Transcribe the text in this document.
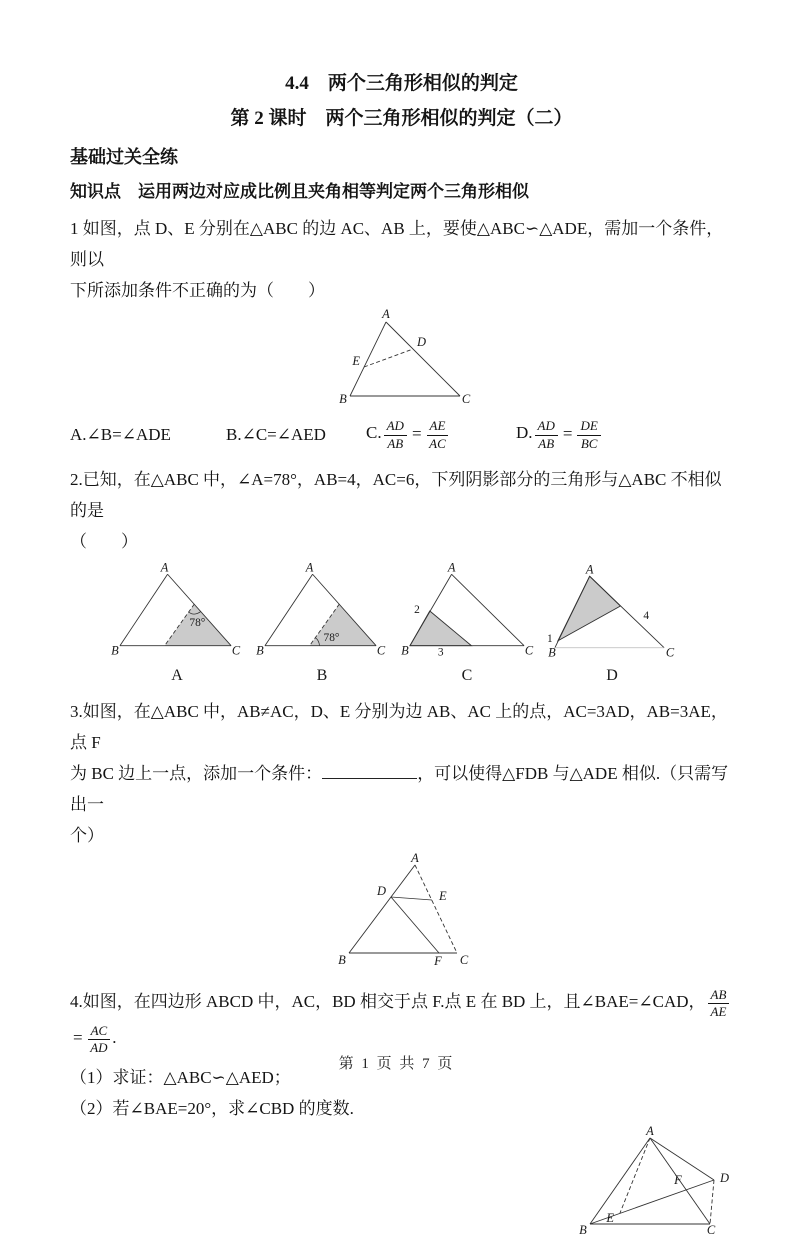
4.4　两个三角形相似的判定
第 2 课时　两个三角形相似的判定（二）
基础过关全练
知识点　运用两边对应成比例且夹角相等判定两个三角形相似
1 如图，点 D、E 分别在△ABC 的边 AC、AB 上，要使△ABC∽△ADE，需加一个条件，则以
下所添加条件不正确的为（　　）
A
B	C
D
E
A.∠B=∠ADE	B.∠C=∠AED	C. $\frac{AD}{AB} = \frac{AE}{AC}$	D. $\frac{AD}{AB} = \frac{DE}{BC}$
2.已知，在△ABC 中，∠A=78°，AB=4，AC=6，下列阴影部分的三角形与△ABC 不相似的是
（　　）
A
B	C
78°
A
A
B	C
78°
B
A
B	C
2
3
C
A
B	C
1
4
D
3.如图，在△ABC 中，AB≠AC，D、E 分别为边 AB、AC 上的点，AC=3AD，AB=3AE，点 F
为 BC 边上一点，添加一个条件：	，可以使得△FDB 与△ADE 相似.（只需写出一
个）
A
B	C
D	E
F
4.如图，在四边形 ABCD 中，AC，BD 相交于点 F.点 E 在 BD 上，且∠BAE=∠CAD， $\frac{AB}{AE}$
= $\frac{AC}{AD}$ .
（1）求证：△ABC∽△AED；
（2）若∠BAE=20°，求∠CBD 的度数.
A
B	C
D
E
F
第 1 页 共 7 页
